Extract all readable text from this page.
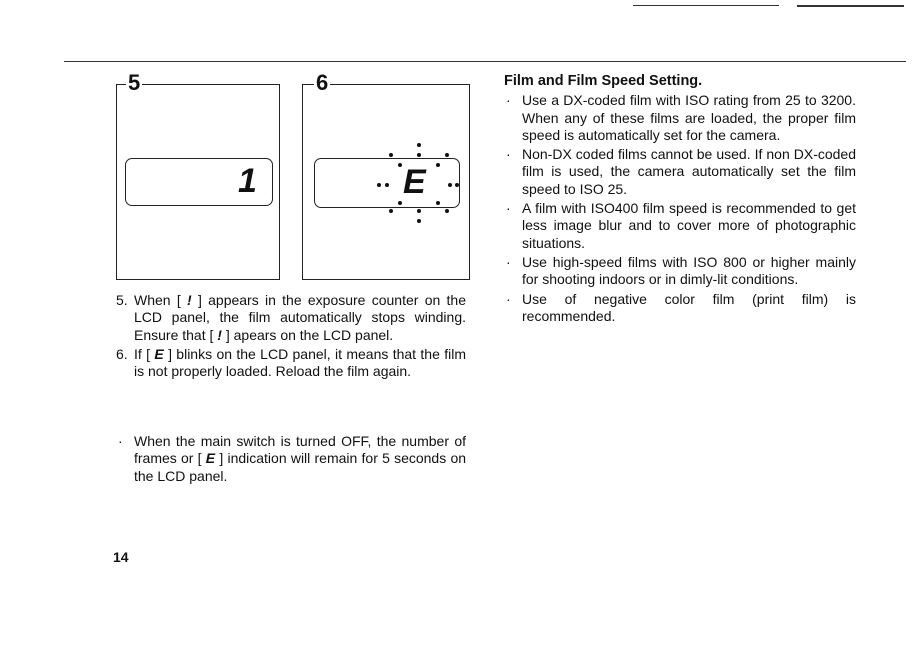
1
5
E
6
5. When [ ! ] appears in the exposure counter on the LCD panel, the film automatically stops winding. Ensure that [ ! ] apears on the LCD panel.
6. If [ E ] blinks on the LCD panel, it means that the film is not properly loaded. Reload the film again.
· When the main switch is turned OFF, the number of frames or [ E ] indication will remain for 5 seconds on the LCD panel.
Film and Film Speed Setting.
· Use a DX-coded film with ISO rating from 25 to 3200. When any of these films are loaded, the proper film speed is automatically set for the camera.
· Non-DX coded films cannot be used. If non DX-coded film is used, the camera automatically set the film speed to ISO 25.
· A film with ISO400 film speed is recommended to get less image blur and to cover more of photographic situations.
· Use high-speed films with ISO 800 or higher mainly for shooting indoors or in dimly-lit conditions.
· Use of negative color film (print film) is recommended.
14
